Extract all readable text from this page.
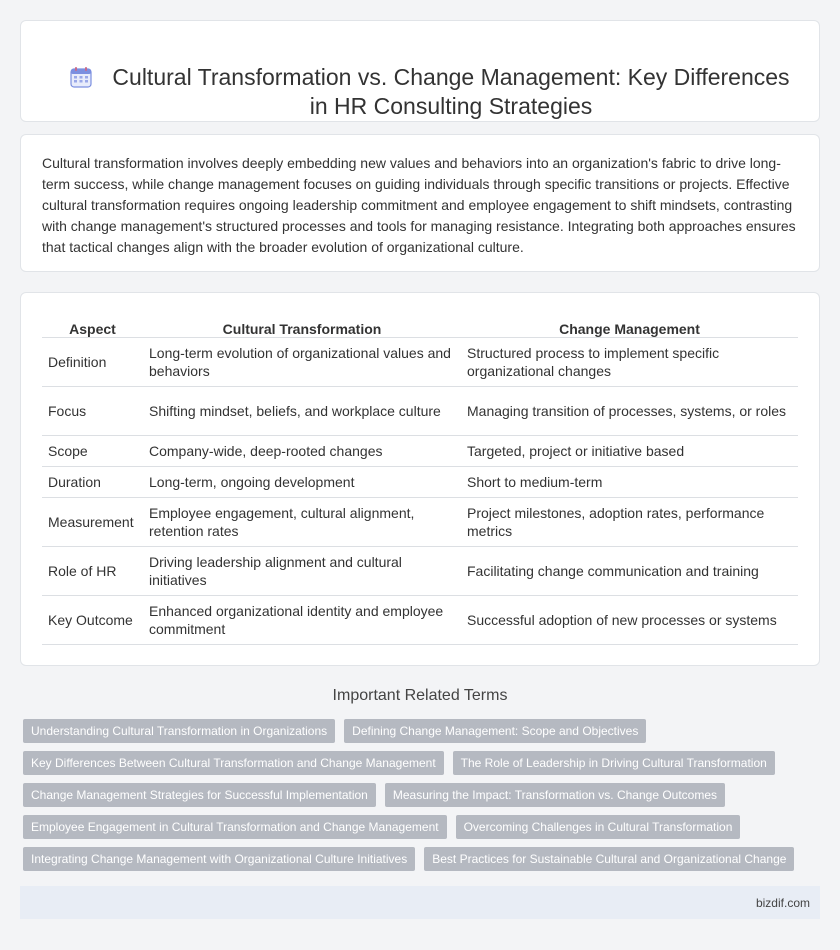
Cultural Transformation vs. Change Management: Key Differences in HR Consulting Strategies

Cultural transformation involves deeply embedding new values and behaviors into an organization's fabric to drive long-term success, while change management focuses on guiding individuals through specific transitions or projects. Effective cultural transformation requires ongoing leadership commitment and employee engagement to shift mindsets, contrasting with change management's structured processes and tools for managing resistance. Integrating both approaches ensures that tactical changes align with the broader evolution of organizational culture.

Aspect	Cultural Transformation	Change Management
Definition	Long-term evolution of organizational values and behaviors	Structured process to implement specific organizational changes
Focus	Shifting mindset, beliefs, and workplace culture	Managing transition of processes, systems, or roles
Scope	Company-wide, deep-rooted changes	Targeted, project or initiative based
Duration	Long-term, ongoing development	Short to medium-term
Measurement	Employee engagement, cultural alignment, retention rates	Project milestones, adoption rates, performance metrics
Role of HR	Driving leadership alignment and cultural initiatives	Facilitating change communication and training
Key Outcome	Enhanced organizational identity and employee commitment	Successful adoption of new processes or systems
Important Related Terms
Understanding Cultural Transformation in Organizations	Defining Change Management: Scope and Objectives
Key Differences Between Cultural Transformation and Change Management	The Role of Leadership in Driving Cultural Transformation
Change Management Strategies for Successful Implementation	Measuring the Impact: Transformation vs. Change Outcomes
Employee Engagement in Cultural Transformation and Change Management	Overcoming Challenges in Cultural Transformation
Integrating Change Management with Organizational Culture Initiatives	Best Practices for Sustainable Cultural and Organizational Change
bizdif.com
